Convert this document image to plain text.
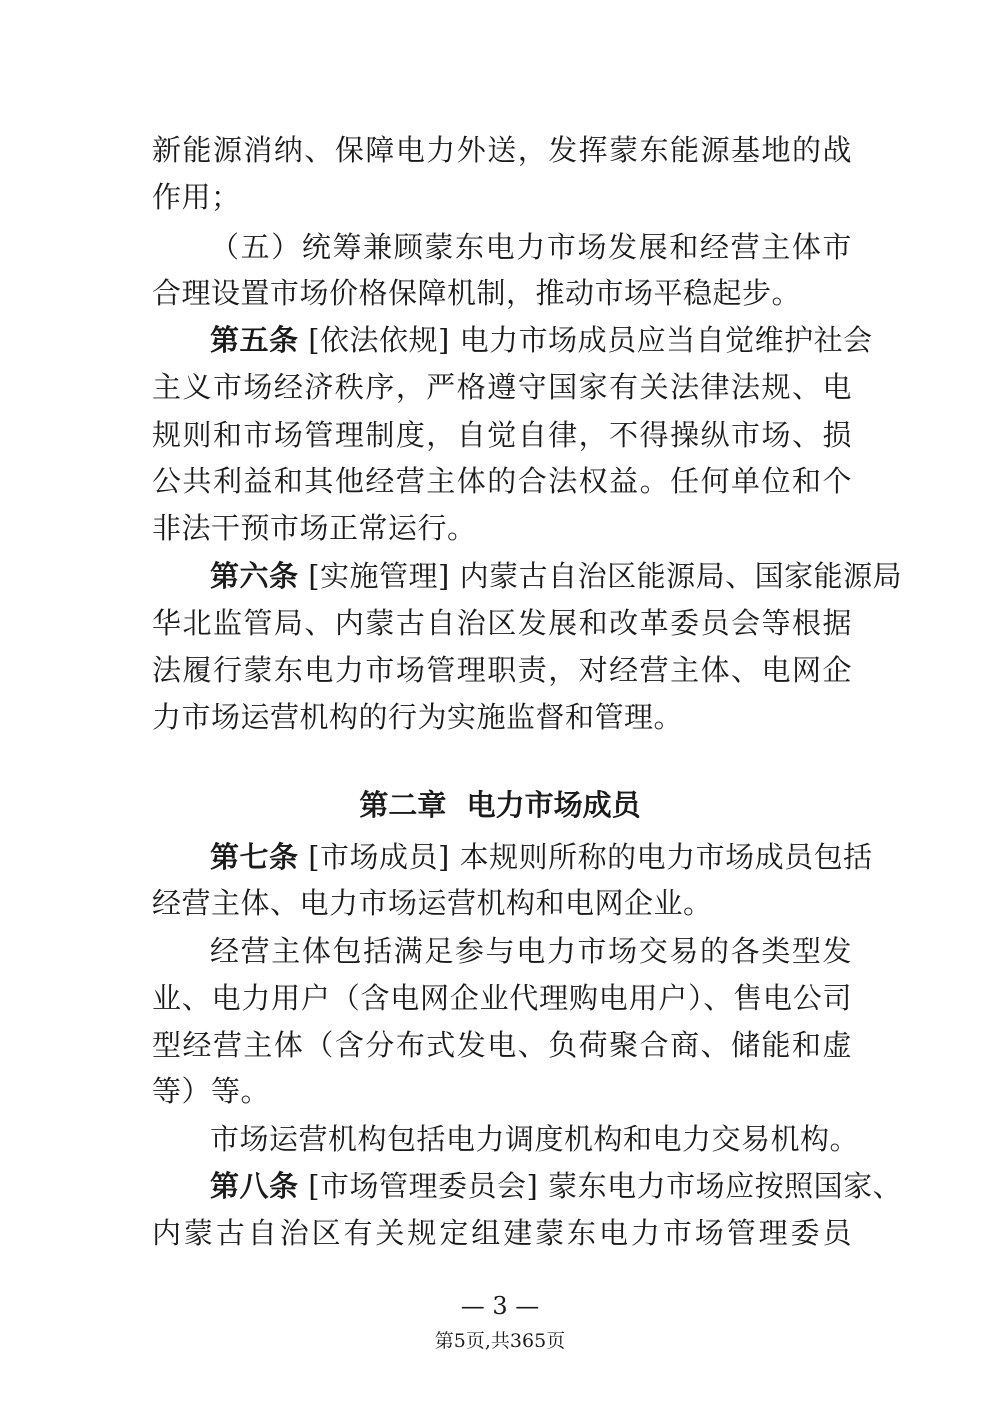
新能源消纳、保障电力外送，发挥蒙东能源基地的战
作用；
（五）统筹兼顾蒙东电力市场发展和经营主体市
合理设置市场价格保障机制，推动市场平稳起步。
第五条 [依法依规] 电力市场成员应当自觉维护社会
主义市场经济秩序，严格遵守国家有关法律法规、电
规则和市场管理制度，自觉自律，不得操纵市场、损
公共利益和其他经营主体的合法权益。任何单位和个
非法干预市场正常运行。
第六条 [实施管理] 内蒙古自治区能源局、国家能源局
华北监管局、内蒙古自治区发展和改革委员会等根据
法履行蒙东电力市场管理职责，对经营主体、电网企
力市场运营机构的行为实施监督和管理。
第二章  电力市场成员
第七条 [市场成员] 本规则所称的电力市场成员包括
经营主体、电力市场运营机构和电网企业。
经营主体包括满足参与电力市场交易的各类型发
业、电力用户（含电网企业代理购电用户）、售电公司
型经营主体（含分布式发电、负荷聚合商、储能和虚
等）等。
市场运营机构包括电力调度机构和电力交易机构。
第八条 [市场管理委员会] 蒙东电力市场应按照国家、
内蒙古自治区有关规定组建蒙东电力市场管理委员
— 3 —
第5页,共365页
